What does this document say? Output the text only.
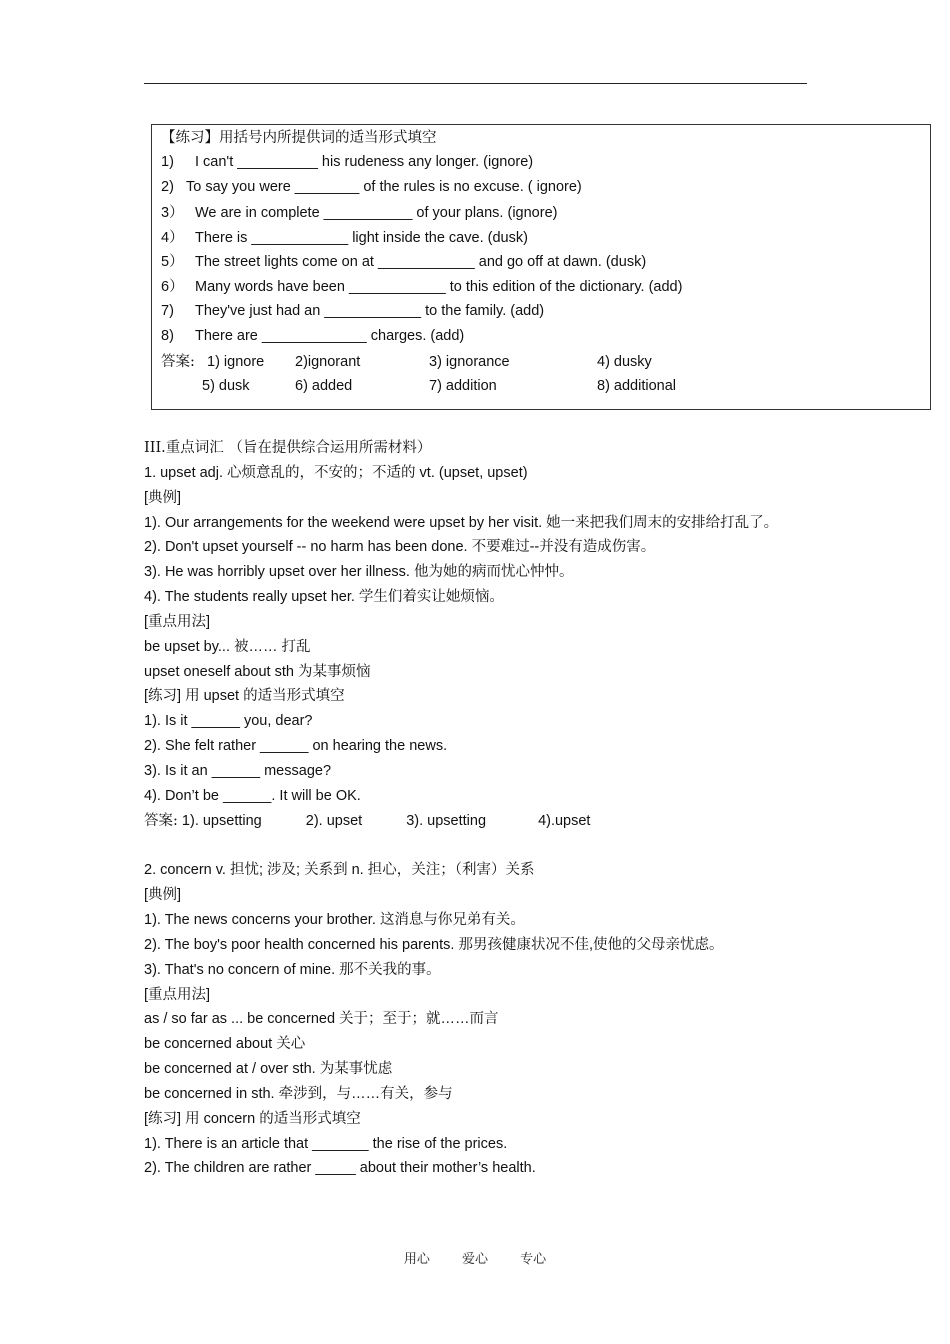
【练习】用括号内所提供词的适当形式填空
1) I can't __________ his rudeness any longer. (ignore)
2) To say you were ________ of the rules is no excuse. ( ignore)
3） We are in complete ___________ of your plans. (ignore)
4） There is ____________ light inside the cave. (dusk)
5） The street lights come on at ____________ and go off at dawn. (dusk)
6） Many words have been ____________ to this edition of the dictionary. (add)
7) They've just had an ____________ to the family. (add)
8) There are _____________ charges. (add)
答案: 1) ignore 2)ignorant	3) ignorance	4) dusky
5) dusk	6) added	7) addition	8) additional
III.重点词汇 （旨在提供综合运用所需材料）
1. upset adj. 心烦意乱的，不安的；不适的 vt. (upset, upset)
[典例]
1). Our arrangements for the weekend were upset by her visit. 她一来把我们周末的安排给打乱了。
2). Don't upset yourself -- no harm has been done. 不要难过--并没有造成伤害。
3). He was horribly upset over her illness. 他为她的病而忧心忡忡。
4). The students really upset her. 学生们着实让她烦恼。
[重点用法]
be upset by... 被…… 打乱
upset oneself about sth 为某事烦恼
[练习] 用 upset 的适当形式填空
1). Is it ______ you, dear?
2). She felt rather ______ on hearing the news.
3). Is it an ______ message?
4). Don’t be ______. It will be OK.
答案: 1). upsetting	2). upset	3). upsetting	4).upset
2. concern v. 担忧; 涉及; 关系到 n. 担心，关注；（利害）关系
[典例]
1). The news concerns your brother. 这消息与你兄弟有关。
2). The boy's poor health concerned his parents. 那男孩健康状况不佳,使他的父母亲忧虑。
3). That's no concern of mine. 那不关我的事。
[重点用法]
as / so far as ... be concerned 关于；至于；就……而言
be concerned about 关心
be concerned at / over sth. 为某事忧虑
be concerned in sth. 牵涉到，与……有关，参与
[练习] 用 concern 的适当形式填空
1). There is an article that _______ the rise of the prices.
2). The children are rather _____ about their mother’s health.
用心 爱心 专心
